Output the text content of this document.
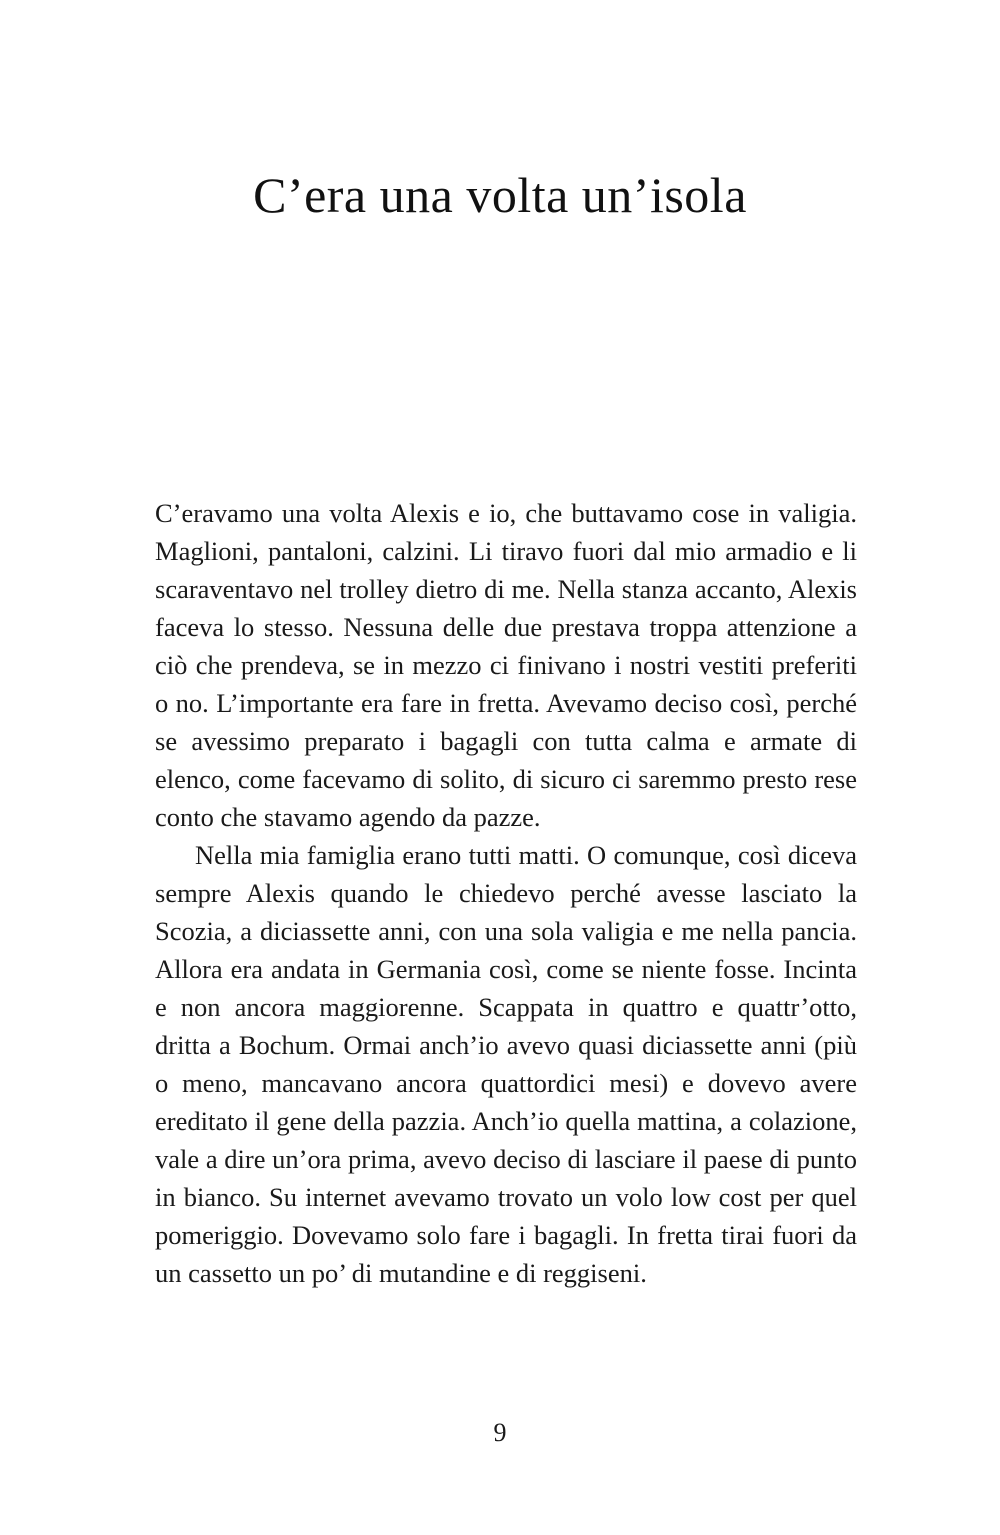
C’era una volta un’isola

C’eravamo una volta Alexis e io, che buttavamo cose in valigia. Maglioni, pantaloni, calzini. Li tiravo fuori dal mio armadio e li scaraventavo nel trolley dietro di me. Nella stanza accanto, Alexis faceva lo stesso. Nessuna delle due prestava troppa attenzione a ciò che prendeva, se in mezzo ci finivano i nostri vestiti preferiti o no. L’importante era fare in fretta. Avevamo deciso così, perché se avessimo preparato i bagagli con tutta calma e armate di elenco, come facevamo di solito, di sicuro ci saremmo presto rese conto che stavamo agendo da pazze.

Nella mia famiglia erano tutti matti. O comunque, così diceva sempre Alexis quando le chiedevo perché avesse lasciato la Scozia, a diciassette anni, con una sola valigia e me nella pancia. Allora era andata in Germania così, come se niente fosse. Incinta e non ancora maggiorenne. Scappata in quattro e quattr’otto, dritta a Bochum. Ormai anch’io avevo quasi diciassette anni (più o meno, mancavano ancora quattordici mesi) e dovevo avere ereditato il gene della pazzia. Anch’io quella mattina, a colazione, vale a dire un’ora prima, avevo deciso di lasciare il paese di punto in bianco. Su internet avevamo trovato un volo low cost per quel pomeriggio. Dovevamo solo fare i bagagli. In fretta tirai fuori da un cassetto un po’ di mutandine e di reggiseni.

9
